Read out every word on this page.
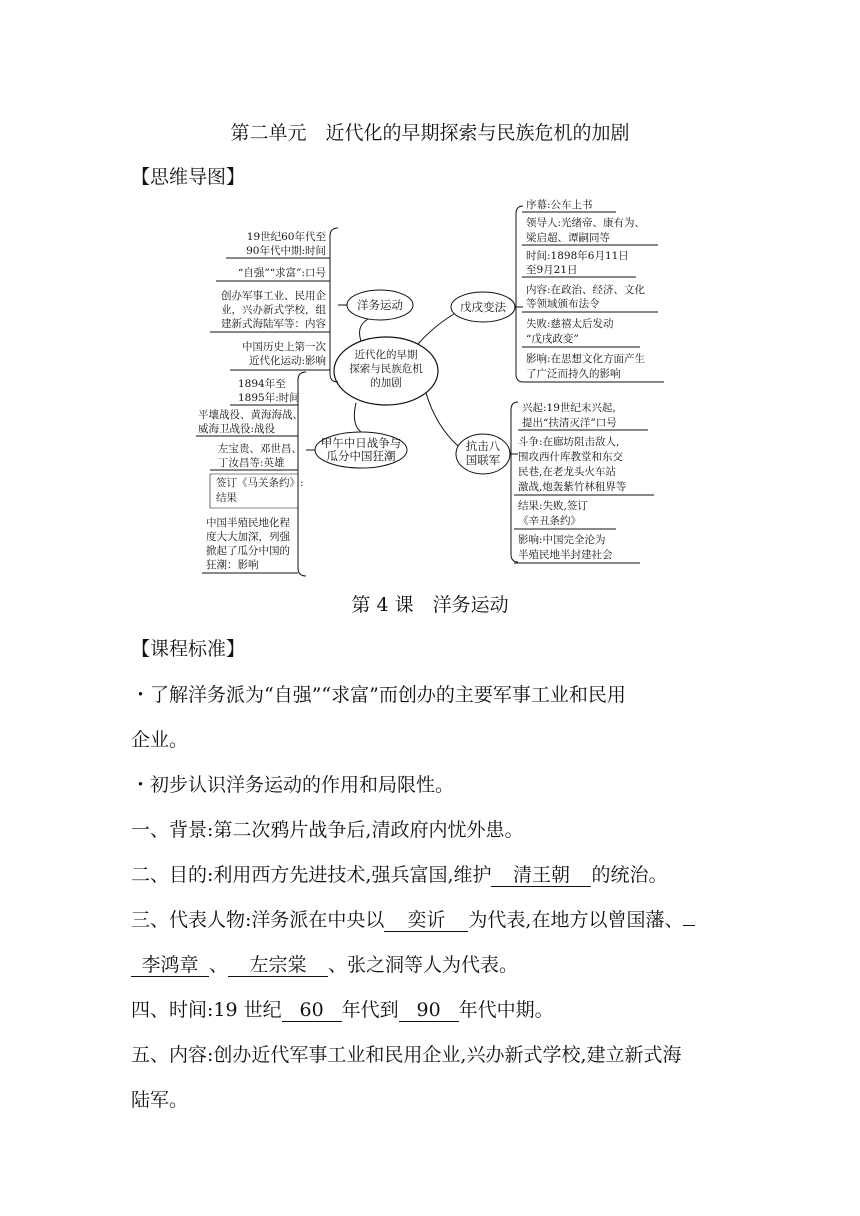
第二单元　近代化的早期探索与民族危机的加剧
【思维导图】
近代化的早期
探索与民族危机
的加剧
洋务运动	戊戌变法
甲午中日战争与
瓜分中国狂潮
抗击八
国联军
19世纪60年代至
90年代中期:时间
“自强”“求富”:口号
创办军事工业、民用企
业，兴办新式学校，组
建新式海陆军等：内容
中国历史上第一次
近代化运动:影响
1894年至
1895年:时间
平壤战役、黄海海战、
威海卫战役:战役
左宝贵、邓世昌、
丁汝昌等:英雄
签订《马关条约》:
结果
中国半殖民地化程
度大大加深，列强
掀起了瓜分中国的
狂潮：影响
序幕:公车上书
领导人:光绪帝、康有为、
梁启超、谭嗣同等
时间:1898年6月11日
至9月21日
内容:在政治、经济、文化
等领域颁布法令
失败:慈禧太后发动
“戊戌政变”
影响:在思想文化方面产生
了广泛而持久的影响
兴起:19世纪末兴起,
提出“扶清灭洋”口号
斗争:在廊坊阻击敌人,
围攻西什库教堂和东交
民巷,在老龙头火车站
激战,炮轰紫竹林租界等
结果:失败,签订
《辛丑条约》
影响:中国完全沦为
半殖民地半封建社会
第 4 课　洋务运动
【课程标准】
・了解洋务派为“自强”“求富”而创办的主要军事工业和民用
企业。
・初步认识洋务运动的作用和局限性。
一、背景:第二次鸦片战争后,清政府内忧外患。
二、目的:利用西方先进技术,强兵富国,维护 清王朝 的统治。
三、代表人物:洋务派在中央以 奕䜣 为代表,在地方以曾国藩、
李鸿章 、 左宗棠 、张之洞等人为代表。
四、时间:19 世纪 60 年代到 90 年代中期。
五、内容:创办近代军事工业和民用企业,兴办新式学校,建立新式海
陆军。
